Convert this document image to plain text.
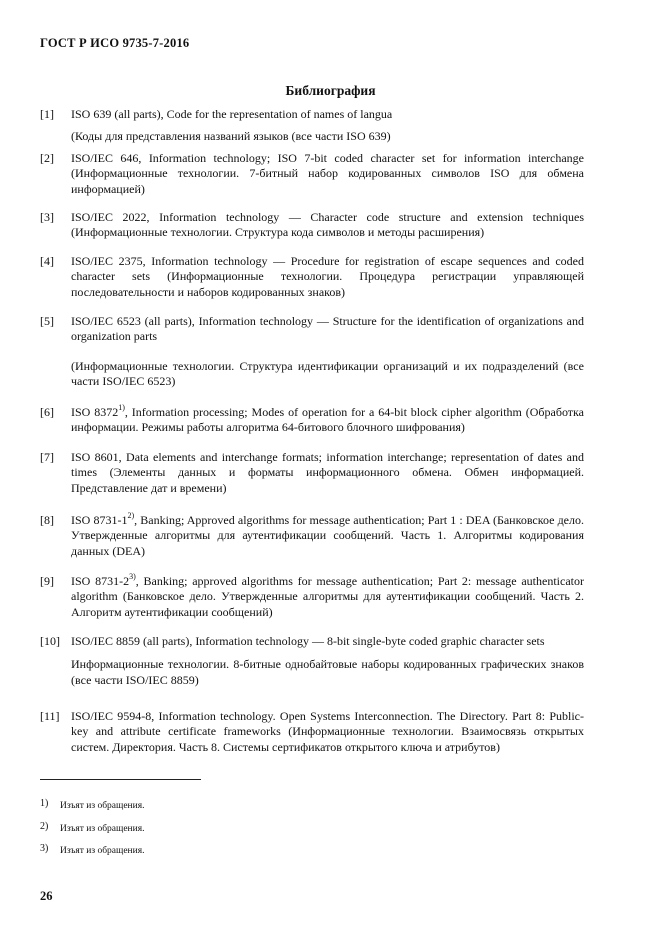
ГОСТ Р ИСО 9735-7-2016
Библиография
[1] ISO 639 (all parts), Code for the representation of names of langua

(Коды для представления названий языков (все части ISO 639)

[2] ISO/IEC 646, Information technology; ISO 7-bit coded character set for information interchange (Информационные технологии. 7-битный набор кодированных символов ISO для обмена информацией)

[3] ISO/IEC 2022, Information technology — Character code structure and extension techniques (Информационные технологии. Структура кода символов и методы расширения)

[4] ISO/IEC 2375, Information technology — Procedure for registration of escape sequences and coded character sets (Информационные технологии. Процедура регистрации управляющей последовательности и наборов кодированных знаков)

[5] ISO/IEC 6523 (all parts), Information technology — Structure for the identification of organizations and organization parts

(Информационные технологии. Структура идентификации организаций и их подразделений (все части ISO/IEC 6523)

[6] ISO 8372$^{1)}$, Information processing; Modes of operation for a 64-bit block cipher algorithm (Обработка информации. Режимы работы алгоритма 64-битового блочного шифрования)

[7] ISO 8601, Data elements and interchange formats; information interchange; representation of dates and times (Элементы данных и форматы информационного обмена. Обмен информацией. Представление дат и времени)

[8] ISO 8731-1$^{2)}$, Banking; Approved algorithms for message authentication; Part 1 : DEA (Банковское дело. Утвержденные алгоритмы для аутентификации сообщений. Часть 1. Алгоритмы кодирования данных (DEA)

[9] ISO 8731-2$^{3)}$, Banking; approved algorithms for message authentication; Part 2: message authenticator algorithm (Банковское дело. Утвержденные алгоритмы для аутентификации сообщений. Часть 2. Алгоритм аутентификации сообщений)

[10] ISO/IEC 8859 (all parts), Information technology — 8-bit single-byte coded graphic character sets

Информационные технологии. 8-битные однобайтовые наборы кодированных графических знаков (все части ISO/IEC 8859)

[11] ISO/IEC 9594-8, Information technology. Open Systems Interconnection. The Directory. Part 8: Public-key and attribute certificate frameworks (Информационные технологии. Взаимосвязь открытых систем. Директория. Часть 8. Системы сертификатов открытого ключа и атрибутов)

1) Изъят из обращения.
2) Изъят из обращения.
3) Изъят из обращения.
26
